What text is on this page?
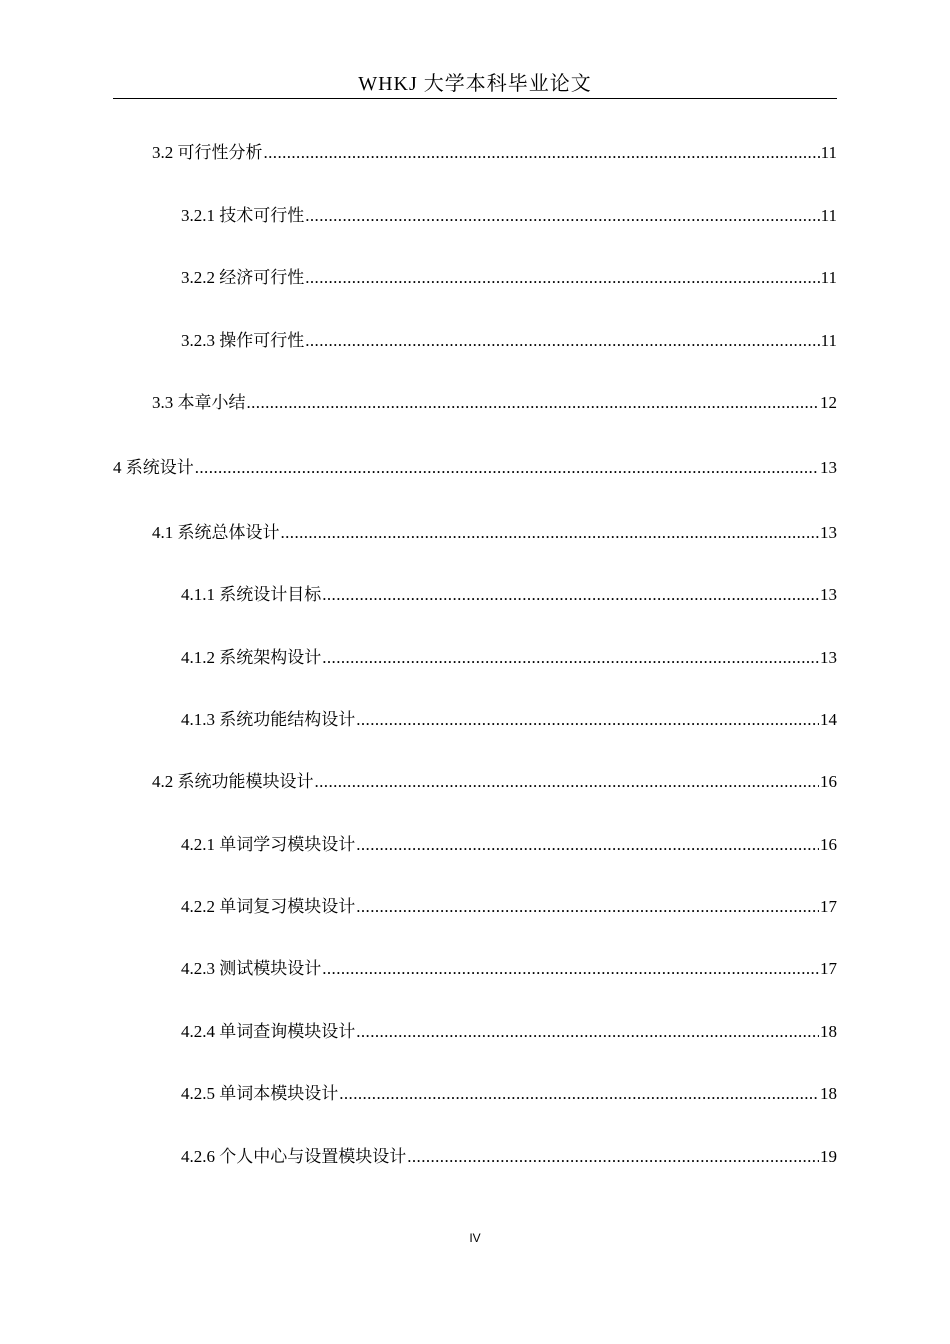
WHKJ 大学本科毕业论文
3.2 可行性分析 .....	11
3.2.1 技术可行性 .....	11
3.2.2 经济可行性 .....	11
3.2.3 操作可行性 .....	11
3.3 本章小结 .....	12
4 系统设计 .....	13
4.1 系统总体设计 .....	13
4.1.1 系统设计目标 .....	13
4.1.2 系统架构设计 .....	13
4.1.3 系统功能结构设计 .....	14
4.2 系统功能模块设计 .....	16
4.2.1 单词学习模块设计 .....	16
4.2.2 单词复习模块设计 .....	17
4.2.3 测试模块设计 .....	17
4.2.4 单词查询模块设计 .....	18
4.2.5 单词本模块设计 .....	18
4.2.6 个人中心与设置模块设计 .....	19
IV
